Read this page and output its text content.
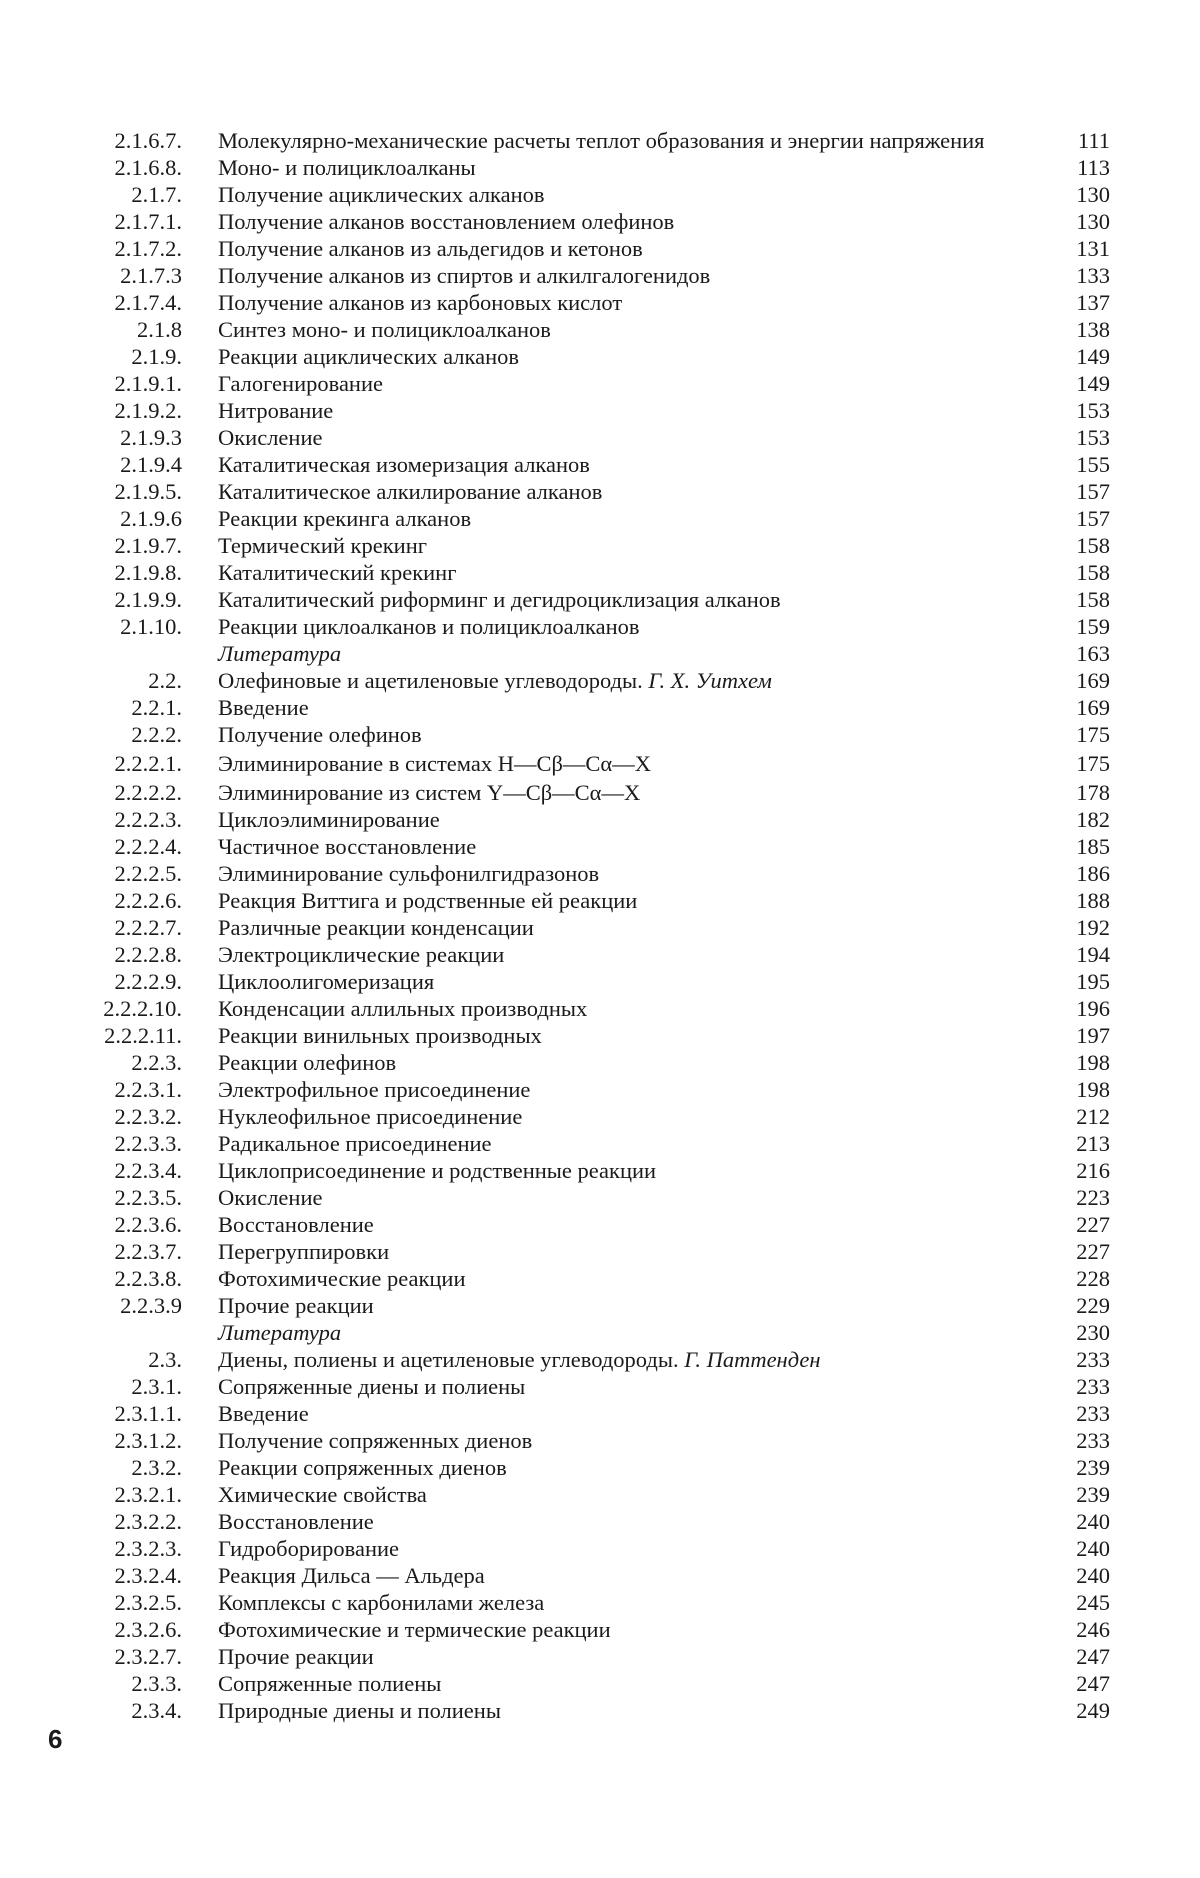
2.1.6.7. Молекулярно-механические расчеты теплот образования и энергии напряжения	111
2.1.6.8. Моно- и полициклоалканы	113
2.1.7. Получение ациклических алканов	130
2.1.7.1. Получение алканов восстановлением олефинов	130
2.1.7.2. Получение алканов из альдегидов и кетонов	131
2.1.7.3 Получение алканов из спиртов и алкилгалогенидов	133
2.1.7.4. Получение алканов из карбоновых кислот	137
2.1.8 Синтез моно- и полициклоалканов	138
2.1.9. Реакции ациклических алканов	149
2.1.9.1. Галогенирование	149
2.1.9.2. Нитрование	153
2.1.9.3 Окисление	153
2.1.9.4 Каталитическая изомеризация алканов	155
2.1.9.5. Каталитическое алкилирование алканов	157
2.1.9.6 Реакции крекинга алканов	157
2.1.9.7. Термический крекинг	158
2.1.9.8. Каталитический крекинг	158
2.1.9.9. Каталитический риформинг и дегидроциклизация алканов	158
2.1.10. Реакции циклоалканов и полициклоалканов	159
Литература	163
2.2. Олефиновые и ацетиленовые углеводороды. Г. Х. Уитхем	169
2.2.1. Введение	169
2.2.2. Получение олефинов	175
2.2.2.1. Элиминирование в системах H—Cβ—Cα—X	175
2.2.2.2. Элиминирование из систем Y—Cβ—Cα—X	178
2.2.2.3. Циклоэлиминирование	182
2.2.2.4. Частичное восстановление	185
2.2.2.5. Элиминирование сульфонилгидразонов	186
2.2.2.6. Реакция Виттига и родственные ей реакции	188
2.2.2.7. Различные реакции конденсации	192
2.2.2.8. Электроциклические реакции	194
2.2.2.9. Циклоолигомеризация	195
2.2.2.10. Конденсации аллильных производных	196
2.2.2.11. Реакции винильных производных	197
2.2.3. Реакции олефинов	198
2.2.3.1. Электрофильное присоединение	198
2.2.3.2. Нуклеофильное присоединение	212
2.2.3.3. Радикальное присоединение	213
2.2.3.4. Циклоприсоединение и родственные реакции	216
2.2.3.5. Окисление	223
2.2.3.6. Восстановление	227
2.2.3.7. Перегруппировки	227
2.2.3.8. Фотохимические реакции	228
2.2.3.9 Прочие реакции	229
Литература	230
2.3. Диены, полиены и ацетиленовые углеводороды. Г. Паттенден	233
2.3.1. Сопряженные диены и полиены	233
2.3.1.1. Введение	233
2.3.1.2. Получение сопряженных диенов	233
2.3.2. Реакции сопряженных диенов	239
2.3.2.1. Химические свойства	239
2.3.2.2. Восстановление	240
2.3.2.3. Гидроборирование	240
2.3.2.4. Реакция Дильса — Альдера	240
2.3.2.5. Комплексы с карбонилами железа	245
2.3.2.6. Фотохимические и термические реакции	246
2.3.2.7. Прочие реакции	247
2.3.3. Сопряженные полиены	247
2.3.4. Природные диены и полиены	249
6
